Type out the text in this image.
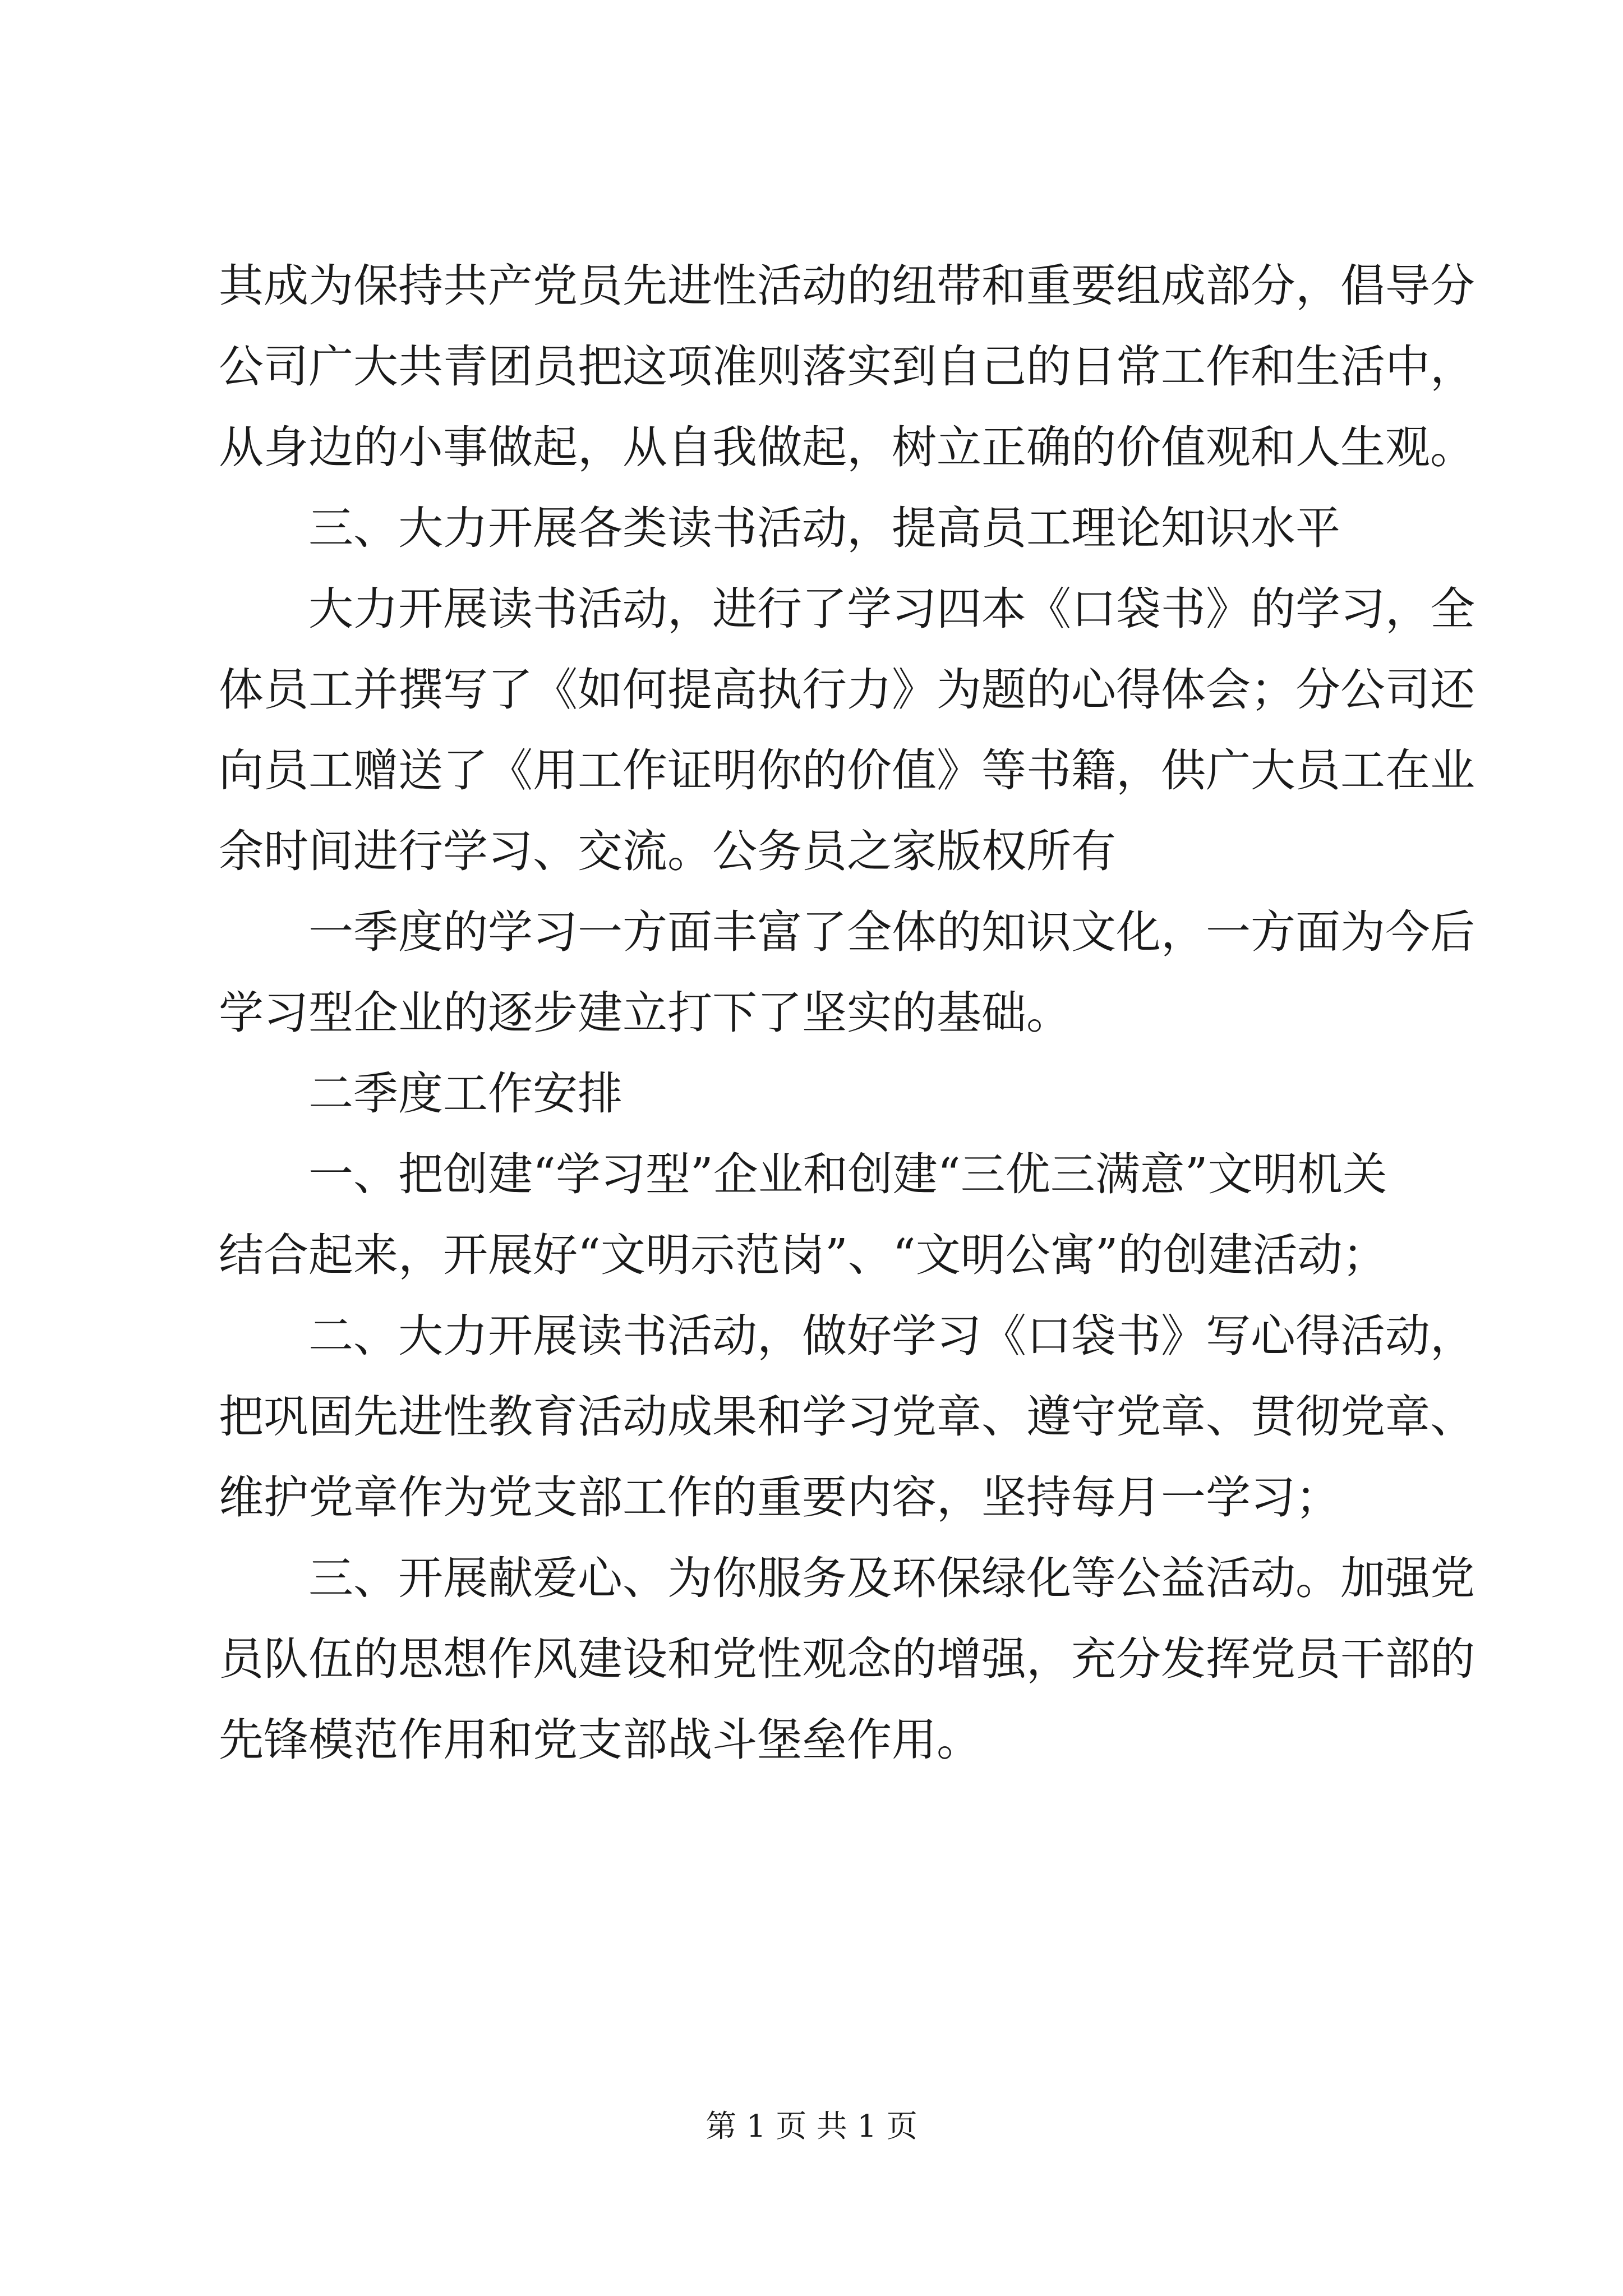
其成为保持共产党员先进性活动的纽带和重要组成部分，倡导分
公司广大共青团员把这项准则落实到自己的日常工作和生活中，
从身边的小事做起，从自我做起，树立正确的价值观和人生观。
　　三、大力开展各类读书活动，提高员工理论知识水平
　　大力开展读书活动，进行了学习四本《口袋书》的学习，全
体员工并撰写了《如何提高执行力》为题的心得体会；分公司还
向员工赠送了《用工作证明你的价值》等书籍，供广大员工在业
余时间进行学习、交流。公务员之家版权所有
　　一季度的学习一方面丰富了全体的知识文化，一方面为今后
学习型企业的逐步建立打下了坚实的基础。
　　二季度工作安排
　　一、把创建“学习型”企业和创建“三优三满意”文明机关
结合起来，开展好“文明示范岗”、“文明公寓”的创建活动；
　　二、大力开展读书活动，做好学习《口袋书》写心得活动，
把巩固先进性教育活动成果和学习党章、遵守党章、贯彻党章、
维护党章作为党支部工作的重要内容，坚持每月一学习；
　　三、开展献爱心、为你服务及环保绿化等公益活动。加强党
员队伍的思想作风建设和党性观念的增强，充分发挥党员干部的
先锋模范作用和党支部战斗堡垒作用。
第 1 页 共 1 页
